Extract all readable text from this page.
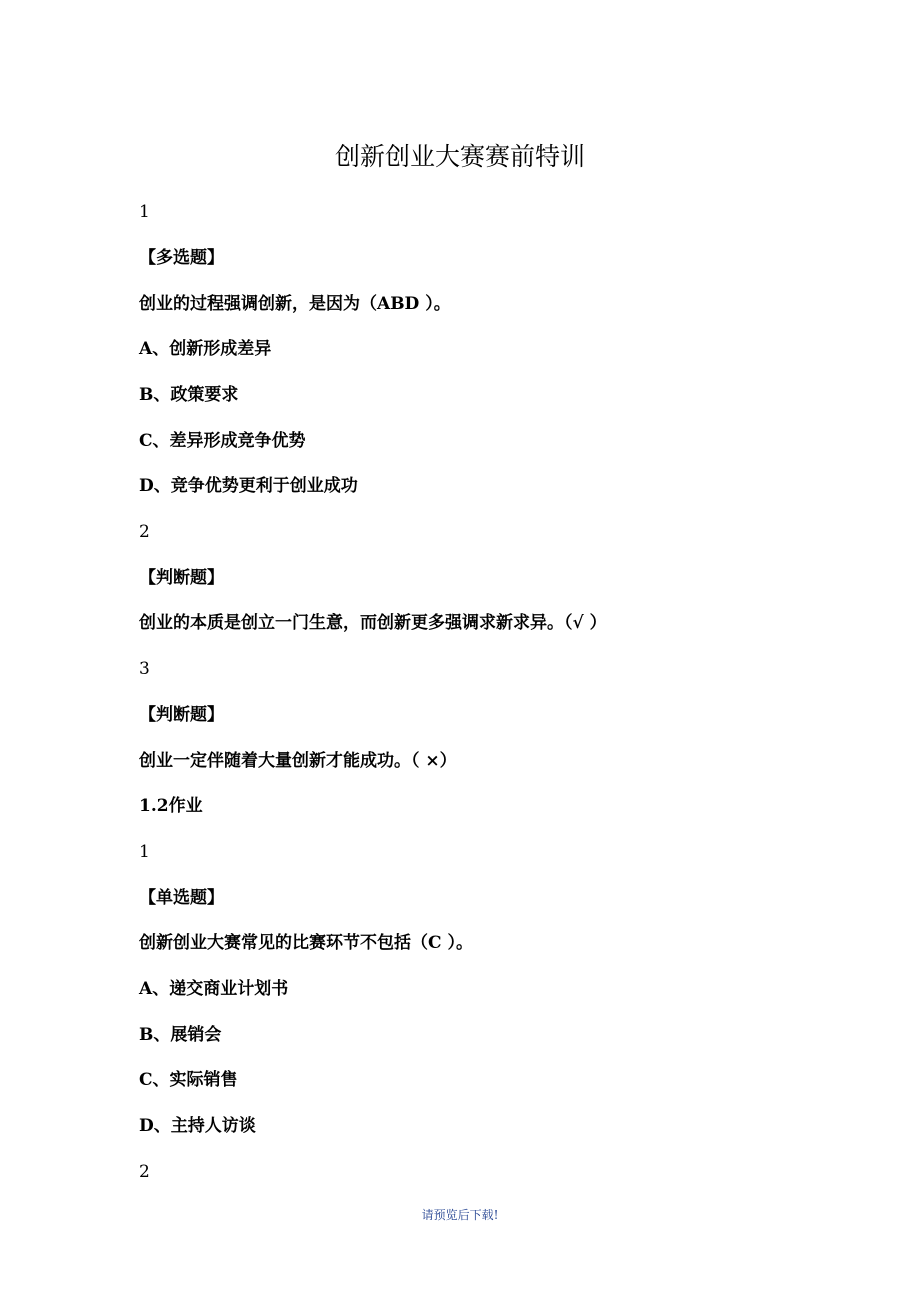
创新创业大赛赛前特训
1
【多选题】
创业的过程强调创新，是因为（ABD ）。
A、创新形成差异
B、政策要求
C、差异形成竞争优势
D、竞争优势更利于创业成功
2
【判断题】
创业的本质是创立一门生意，而创新更多强调求新求异。（√ ）
3
【判断题】
创业一定伴随着大量创新才能成功。（ ×）
1.2作业
1
【单选题】
创新创业大赛常见的比赛环节不包括（C ）。
A、递交商业计划书
B、展销会
C、实际销售
D、主持人访谈
2
请预览后下载!
